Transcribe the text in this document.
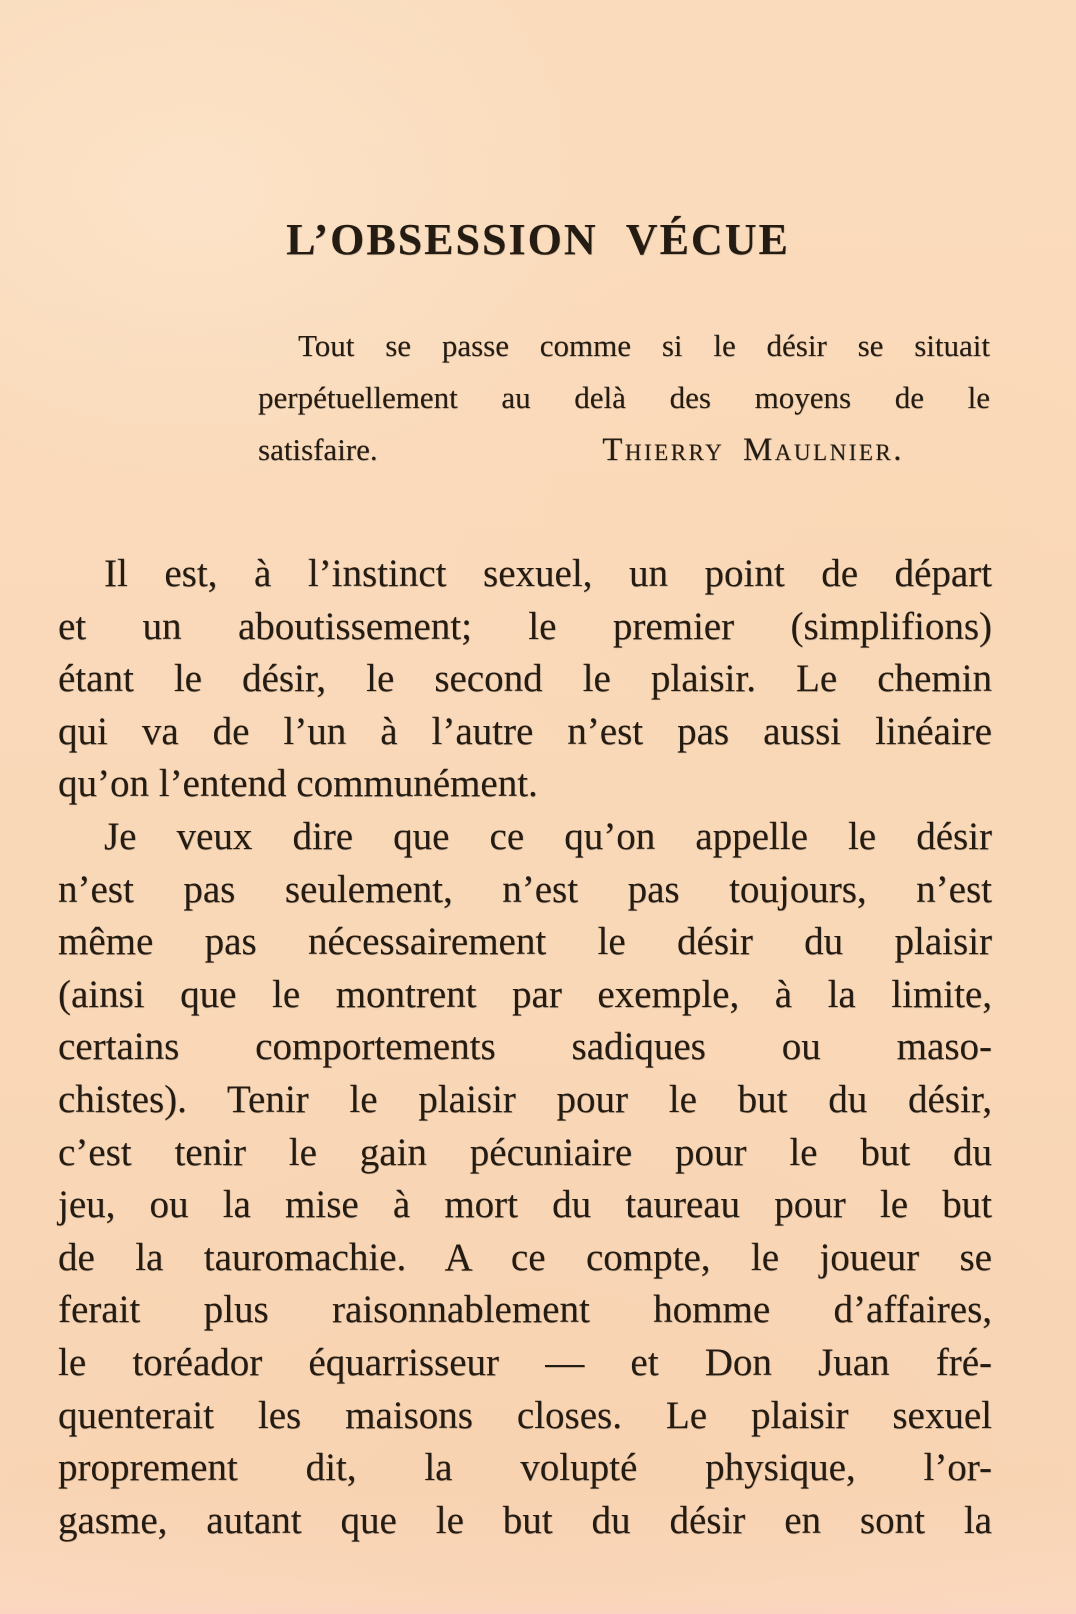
L’OBSESSION VÉCUE
Tout se passe comme si le désir se situait
perpétuellement au delà des moyens de le
satisfaire.	Thierry Maulnier.
Il est, à l’instinct sexuel, un point de départ
et un aboutissement; le premier (simplifions)
étant le désir, le second le plaisir. Le chemin
qui va de l’un à l’autre n’est pas aussi linéaire
qu’on l’entend communément.
Je veux dire que ce qu’on appelle le désir
n’est pas seulement, n’est pas toujours, n’est
même pas nécessairement le désir du plaisir
(ainsi que le montrent par exemple, à la limite,
certains comportements sadiques ou maso-
chistes). Tenir le plaisir pour le but du désir,
c’est tenir le gain pécuniaire pour le but du
jeu, ou la mise à mort du taureau pour le but
de la tauromachie. A ce compte, le joueur se
ferait plus raisonnablement homme d’affaires,
le toréador équarrisseur — et Don Juan fré-
quenterait les maisons closes. Le plaisir sexuel
proprement dit, la volupté physique, l’or-
gasme, autant que le but du désir en sont la
